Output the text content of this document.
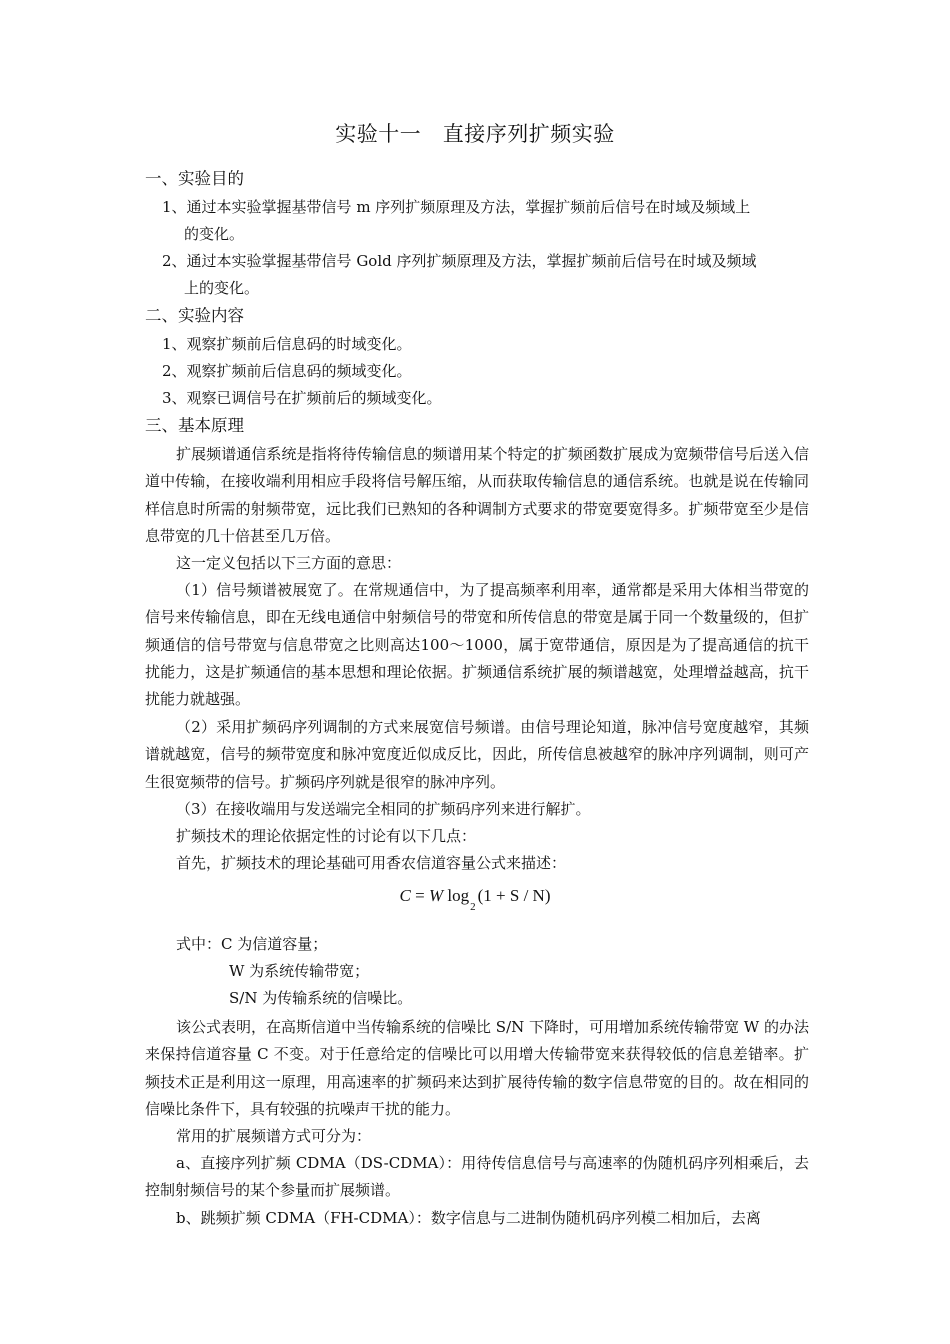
实验十一　直接序列扩频实验
一、实验目的
1、通过本实验掌握基带信号 m 序列扩频原理及方法，掌握扩频前后信号在时域及频域上
的变化。
2、通过本实验掌握基带信号 Gold 序列扩频原理及方法，掌握扩频前后信号在时域及频域
上的变化。
二、实验内容
1、观察扩频前后信息码的时域变化。
2、观察扩频前后信息码的频域变化。
3、观察已调信号在扩频前后的频域变化。
三、基本原理
扩展频谱通信系统是指将待传输信息的频谱用某个特定的扩频函数扩展成为宽频带信号后送入信道中传输，在接收端利用相应手段将信号解压缩，从而获取传输信息的通信系统。也就是说在传输同样信息时所需的射频带宽，远比我们已熟知的各种调制方式要求的带宽要宽得多。扩频带宽至少是信息带宽的几十倍甚至几万倍。
这一定义包括以下三方面的意思：
（1）信号频谱被展宽了。在常规通信中，为了提高频率利用率，通常都是采用大体相当带宽的信号来传输信息，即在无线电通信中射频信号的带宽和所传信息的带宽是属于同一个数量级的，但扩频通信的信号带宽与信息带宽之比则高达100～1000，属于宽带通信，原因是为了提高通信的抗干扰能力，这是扩频通信的基本思想和理论依据。扩频通信系统扩展的频谱越宽，处理增益越高，抗干扰能力就越强。
（2）采用扩频码序列调制的方式来展宽信号频谱。由信号理论知道，脉冲信号宽度越窄，其频谱就越宽，信号的频带宽度和脉冲宽度近似成反比，因此，所传信息被越窄的脉冲序列调制，则可产生很宽频带的信号。扩频码序列就是很窄的脉冲序列。
（3）在接收端用与发送端完全相同的扩频码序列来进行解扩。
扩频技术的理论依据定性的讨论有以下几点：
首先，扩频技术的理论基础可用香农信道容量公式来描述：
C = W $\log_2(1 + S / N)$
式中：C 为信道容量；
W 为系统传输带宽；
S/N 为传输系统的信噪比。
该公式表明，在高斯信道中当传输系统的信噪比 S/N 下降时，可用增加系统传输带宽 W 的办法来保持信道容量 C 不变。对于任意给定的信噪比可以用增大传输带宽来获得较低的信息差错率。扩频技术正是利用这一原理，用高速率的扩频码来达到扩展待传输的数字信息带宽的目的。故在相同的信噪比条件下，具有较强的抗噪声干扰的能力。
常用的扩展频谱方式可分为：
a、直接序列扩频 CDMA（DS-CDMA）：用待传信息信号与高速率的伪随机码序列相乘后，去控制射频信号的某个参量而扩展频谱。
b、跳频扩频 CDMA（FH-CDMA）：数字信息与二进制伪随机码序列模二相加后，去离
